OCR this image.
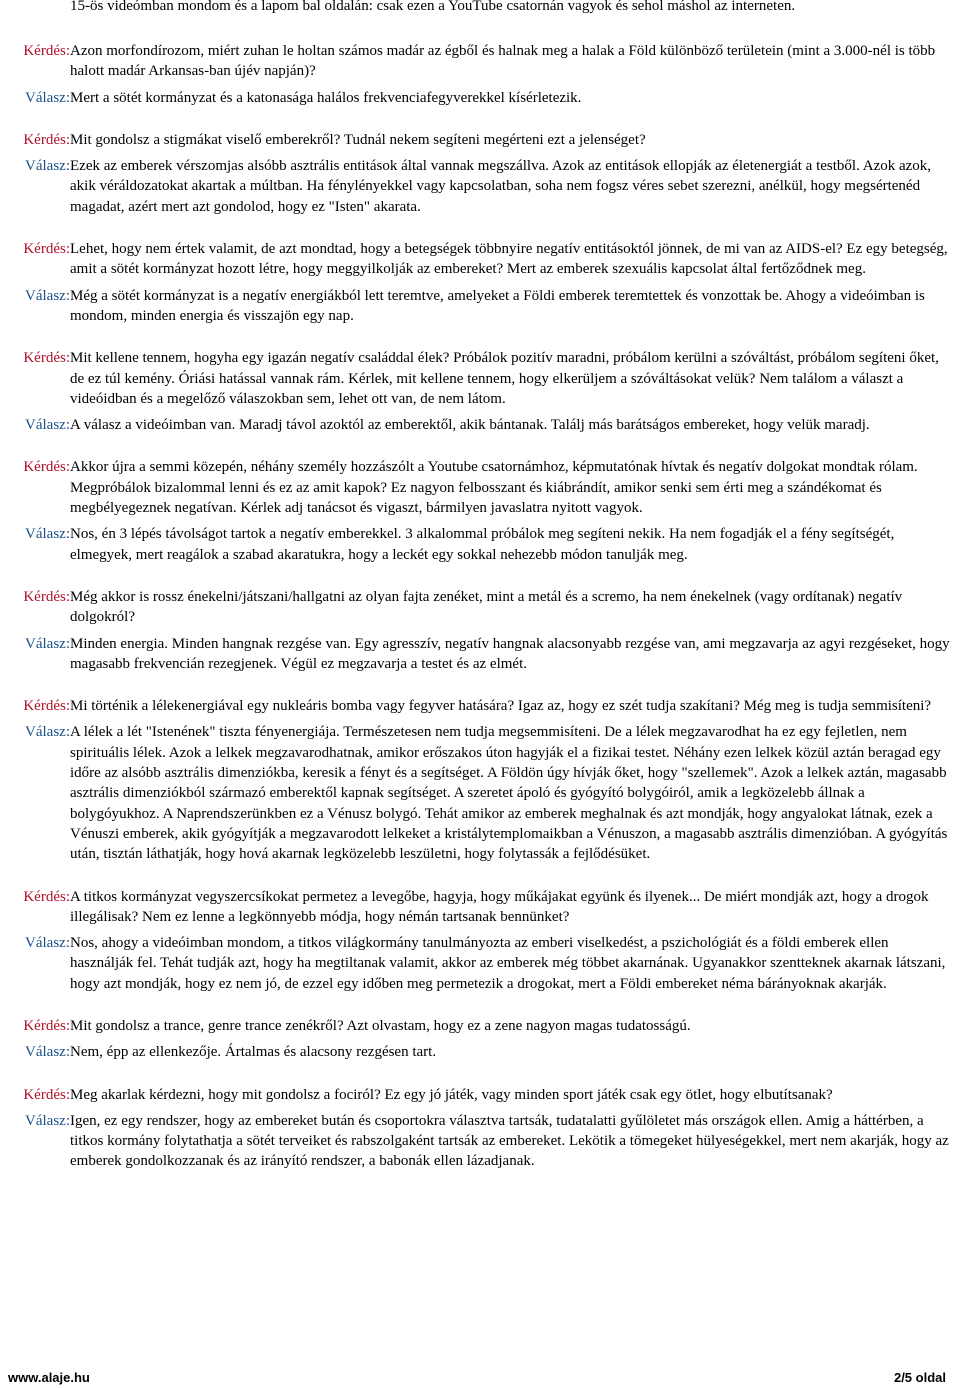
15-ös videómban mondom és a lapom bal oldalán: csak ezen a YouTube csatornán vagyok és sehol máshol az interneten.
Kérdés: Azon morfondírozom, miért zuhan le holtan számos madár az égből és halnak meg a halak a Föld különböző területein (mint a 3.000-nél is több halott madár Arkansas-ban újév napján)?
Válasz: Mert a sötét kormányzat és a katonasága halálos frekvenciafegyverekkel kísérletezik.
Kérdés: Mit gondolsz a stigmákat viselő emberekről? Tudnál nekem segíteni megérteni ezt a jelenséget?
Válasz: Ezek az emberek vérszomjas alsóbb asztrális entitások által vannak megszállva. Azok az entitások ellopják az életenergiát a testből. Azok azok, akik véráldozatokat akartak a múltban. Ha fénylényekkel vagy kapcsolatban, soha nem fogsz véres sebet szerezni, anélkül, hogy megsértenéd magadat, azért mert azt gondolod, hogy ez "Isten" akarata.
Kérdés: Lehet, hogy nem értek valamit, de azt mondtad, hogy a betegségek többnyire negatív entitásoktól jönnek, de mi van az AIDS-el? Ez egy betegség, amit a sötét kormányzat hozott létre, hogy meggyilkolják az embereket? Mert az emberek szexuális kapcsolat által fertőződnek meg.
Válasz: Még a sötét kormányzat is a negatív energiákból lett teremtve, amelyeket a Földi emberek teremtettek és vonzottak be. Ahogy a videóimban is mondom, minden energia és visszajön egy nap.
Kérdés: Mit kellene tennem, hogyha egy igazán negatív családdal élek? Próbálok pozitív maradni, próbálom kerülni a szóváltást, próbálom segíteni őket, de ez túl kemény. Óriási hatással vannak rám. Kérlek, mit kellene tennem, hogy elkerüljem a szóváltásokat velük? Nem találom a választ a videóidban és a megelőző válaszokban sem, lehet ott van, de nem látom.
Válasz: A válasz a videóimban van. Maradj távol azoktól az emberektől, akik bántanak. Találj más barátságos embereket, hogy velük maradj.
Kérdés: Akkor újra a semmi közepén, néhány személy hozzászólt a Youtube csatornámhoz, képmutatónak hívtak és negatív dolgokat mondtak rólam. Megpróbálok bizalommal lenni és ez az amit kapok? Ez nagyon felbosszant és kiábrándít, amikor senki sem érti meg a szándékomat és megbélyegeznek negatívan. Kérlek adj tanácsot és vigaszt, bármilyen javaslatra nyitott vagyok.
Válasz: Nos, én 3 lépés távolságot tartok a negatív emberekkel. 3 alkalommal próbálok meg segíteni nekik. Ha nem fogadják el a fény segítségét, elmegyek, mert reagálok a szabad akaratukra, hogy a leckét egy sokkal nehezebb módon tanulják meg.
Kérdés: Még akkor is rossz énekelni/játszani/hallgatni az olyan fajta zenéket, mint a metál és a scremo, ha nem énekelnek (vagy ordítanak) negatív dolgokról?
Válasz: Minden energia. Minden hangnak rezgése van. Egy agresszív, negatív hangnak alacsonyabb rezgése van, ami megzavarja az agyi rezgéseket, hogy magasabb frekvencián rezegjenek. Végül ez megzavarja a testet és az elmét.
Kérdés: Mi történik a lélekenergiával egy nukleáris bomba vagy fegyver hatására? Igaz az, hogy ez szét tudja szakítani? Még meg is tudja semmisíteni?
Válasz: A lélek a lét "Istenének" tiszta fényenergiája. Természetesen nem tudja megsemmisíteni. De a lélek megzavarodhat ha ez egy fejletlen, nem spirituális lélek. Azok a lelkek megzavarodhatnak, amikor erőszakos úton hagyják el a fizikai testet. Néhány ezen lelkek közül aztán beragad egy időre az alsóbb asztrális dimenziókba, keresik a fényt és a segítséget. A Földön úgy hívják őket, hogy "szellemek". Azok a lelkek aztán, magasabb asztrális dimenziókból származó emberektől kapnak segítséget. A szeretet ápoló és gyógyító bolygóiról, amik a legközelebb állnak a bolygóyukhoz. A Naprendszerünkben ez a Vénusz bolygó. Tehát amikor az emberek meghalnak és azt mondják, hogy angyalokat látnak, ezek a Vénuszi emberek, akik gyógyítják a megzavarodott lelkeket a kristálytemplomaikban a Vénuszon, a magasabb asztrális dimenzióban. A gyógyítás után, tisztán láthatják, hogy hová akarnak legközelebb leszületni, hogy folytassák a fejlődésüket.
Kérdés: A titkos kormányzat vegyszercsíkokat permetez a levegőbe, hagyja, hogy műkájakat együnk és ilyenek... De miért mondják azt, hogy a drogok illegálisak? Nem ez lenne a legkönnyebb módja, hogy némán tartsanak bennünket?
Válasz: Nos, ahogy a videóimban mondom, a titkos világkormány tanulmányozta az emberi viselkedést, a pszichológiát és a földi emberek ellen használják fel. Tehát tudják azt, hogy ha megtiltanak valamit, akkor az emberek még többet akarnának. Ugyanakkor szentteknek akarnak látszani, hogy azt mondják, hogy ez nem jó, de ezzel egy időben meg permetezik a drogokat, mert a Földi embereket néma bárányoknak akarják.
Kérdés: Mit gondolsz a trance, genre trance zenékről? Azt olvastam, hogy ez a zene nagyon magas tudatosságú.
Válasz: Nem, épp az ellenkezője. Ártalmas és alacsony rezgésen tart.
Kérdés: Meg akarlak kérdezni, hogy mit gondolsz a fociról? Ez egy jó játék, vagy minden sport játék csak egy ötlet, hogy elbutítsanak?
Válasz: Igen, ez egy rendszer, hogy az embereket bután és csoportokra választva tartsák, tudatalatti gyűlöletet más országok ellen. Amig a háttérben, a titkos kormány folytathatja a sötét terveiket és rabszolgaként tartsák az embereket. Lekötik a tömegeket hülyeségekkel, mert nem akarják, hogy az emberek gondolkozzanak és az irányító rendszer, a babonák ellen lázadjanak.
www.alaje.hu	2/5 oldal
